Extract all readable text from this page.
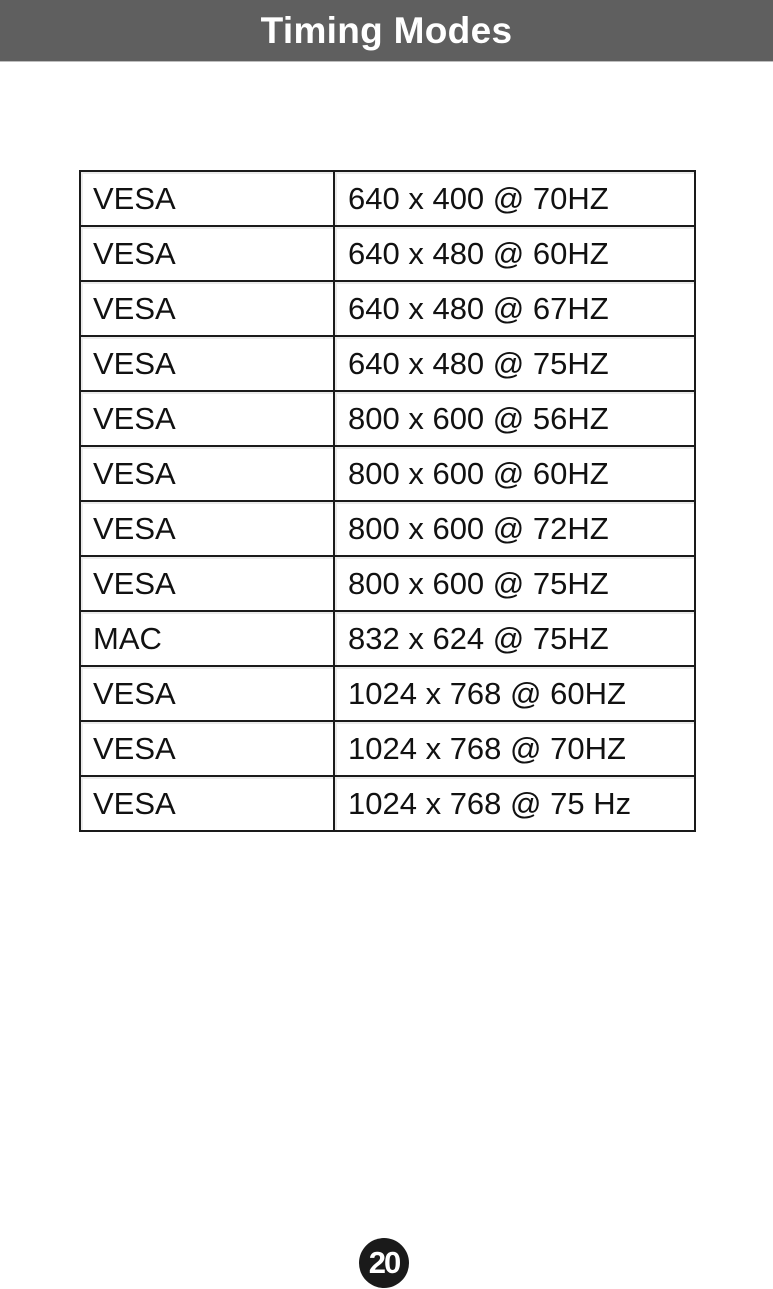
Timing Modes
VESA	640 x 400 @ 70HZ
VESA	640 x 480 @ 60HZ
VESA	640 x 480 @ 67HZ
VESA	640 x 480 @ 75HZ
VESA	800 x 600 @ 56HZ
VESA	800 x 600 @ 60HZ
VESA	800 x 600 @ 72HZ
VESA	800 x 600 @ 75HZ
MAC	832 x 624 @ 75HZ
VESA	1024 x 768 @ 60HZ
VESA	1024 x 768 @ 70HZ
VESA	1024 x 768 @ 75 Hz
20
